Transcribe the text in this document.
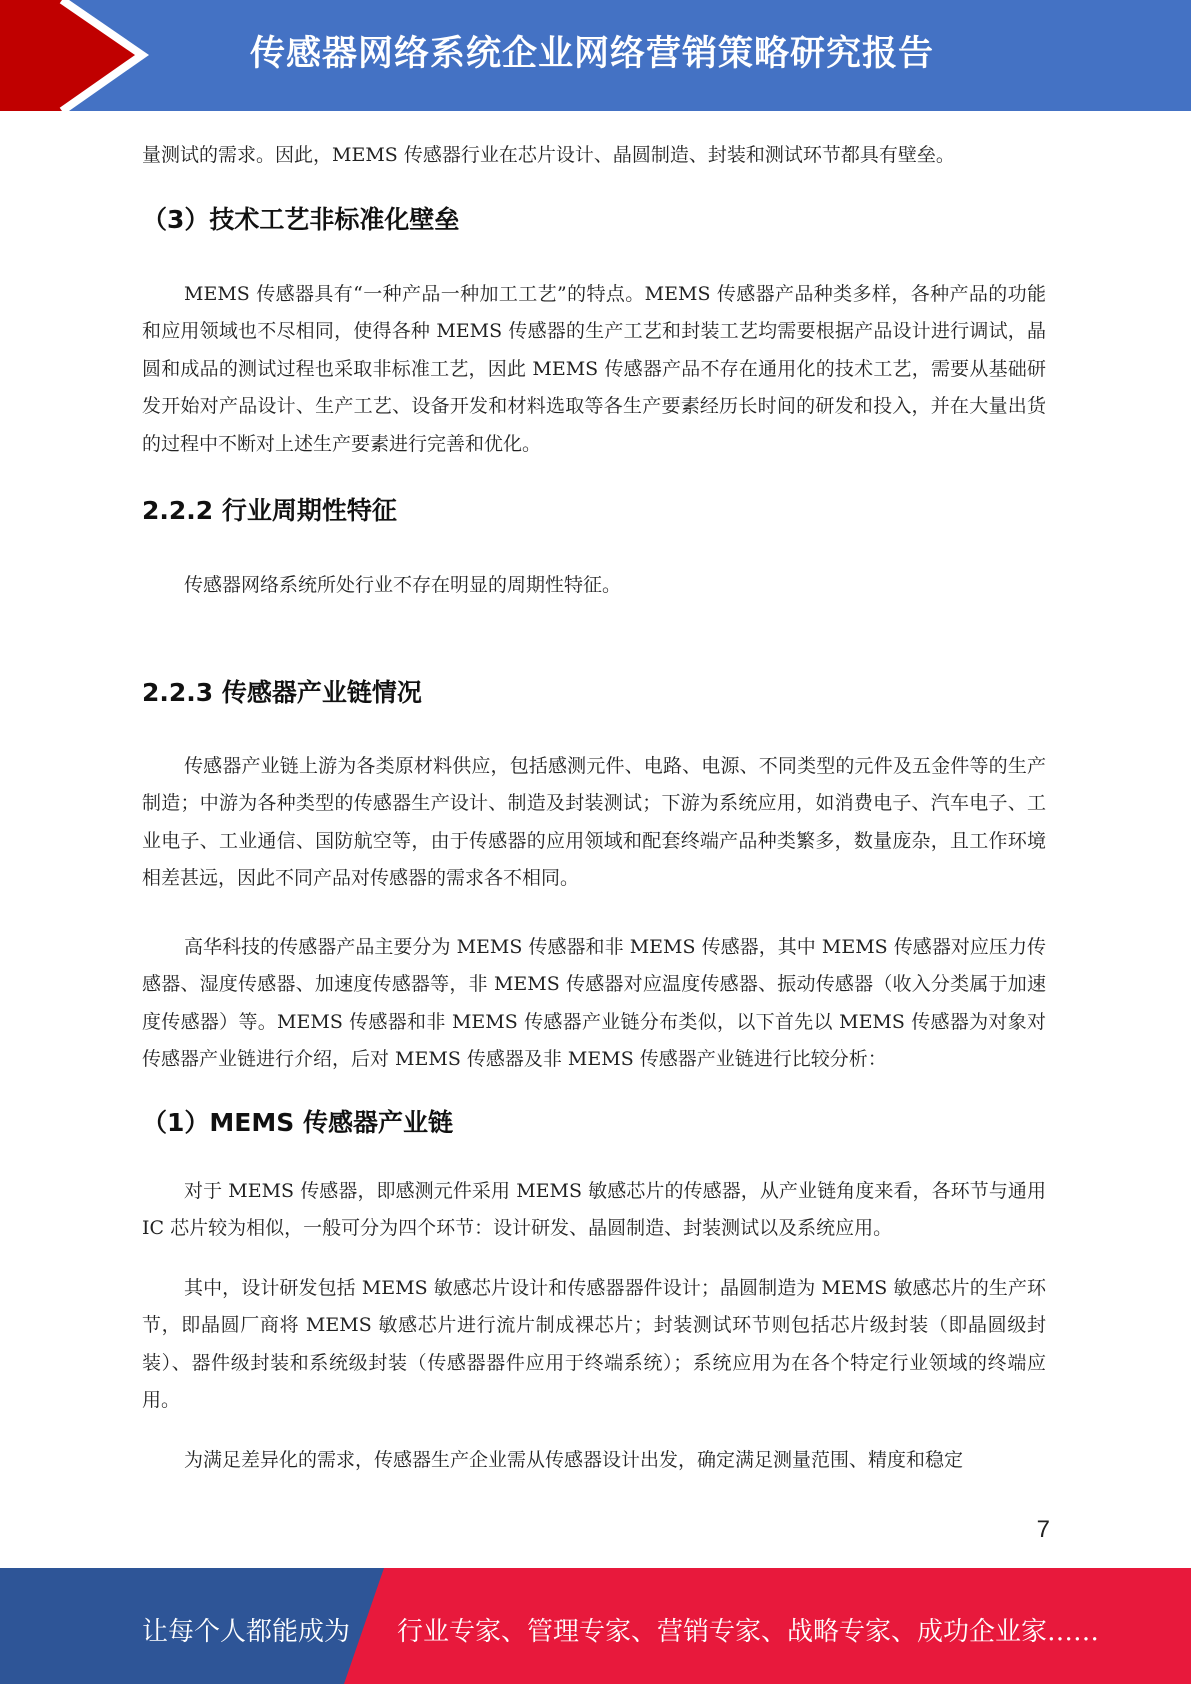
传感器网络系统企业网络营销策略研究报告

量测试的需求。因此，MEMS 传感器行业在芯片设计、晶圆制造、封装和测试环节都具有壁垒。

（3）技术工艺非标准化壁垒

MEMS 传感器具有“一种产品一种加工工艺”的特点。MEMS 传感器产品种类多样，各种产品的功能和应用领域也不尽相同，使得各种 MEMS 传感器的生产工艺和封装工艺均需要根据产品设计进行调试，晶圆和成品的测试过程也采取非标准工艺，因此 MEMS 传感器产品不存在通用化的技术工艺，需要从基础研发开始对产品设计、生产工艺、设备开发和材料选取等各生产要素经历长时间的研发和投入，并在大量出货的过程中不断对上述生产要素进行完善和优化。

2.2.2 行业周期性特征

传感器网络系统所处行业不存在明显的周期性特征。

2.2.3 传感器产业链情况

传感器产业链上游为各类原材料供应，包括感测元件、电路、电源、不同类型的元件及五金件等的生产制造；中游为各种类型的传感器生产设计、制造及封装测试；下游为系统应用，如消费电子、汽车电子、工业电子、工业通信、国防航空等，由于传感器的应用领域和配套终端产品种类繁多，数量庞杂，且工作环境相差甚远，因此不同产品对传感器的需求各不相同。

高华科技的传感器产品主要分为 MEMS 传感器和非 MEMS 传感器，其中 MEMS 传感器对应压力传感器、湿度传感器、加速度传感器等，非 MEMS 传感器对应温度传感器、振动传感器（收入分类属于加速度传感器）等。MEMS 传感器和非 MEMS 传感器产业链分布类似，以下首先以 MEMS 传感器为对象对传感器产业链进行介绍，后对 MEMS 传感器及非 MEMS 传感器产业链进行比较分析：

（1）MEMS 传感器产业链

对于 MEMS 传感器，即感测元件采用 MEMS 敏感芯片的传感器，从产业链角度来看，各环节与通用 IC 芯片较为相似，一般可分为四个环节：设计研发、晶圆制造、封装测试以及系统应用。

其中，设计研发包括 MEMS 敏感芯片设计和传感器器件设计；晶圆制造为 MEMS 敏感芯片的生产环节，即晶圆厂商将 MEMS 敏感芯片进行流片制成裸芯片；封装测试环节则包括芯片级封装（即晶圆级封装）、器件级封装和系统级封装（传感器器件应用于终端系统）；系统应用为在各个特定行业领域的终端应用。

为满足差异化的需求，传感器生产企业需从传感器设计出发，确定满足测量范围、精度和稳定

7
让每个人都能成为 行业专家、管理专家、营销专家、战略专家、成功企业家……
